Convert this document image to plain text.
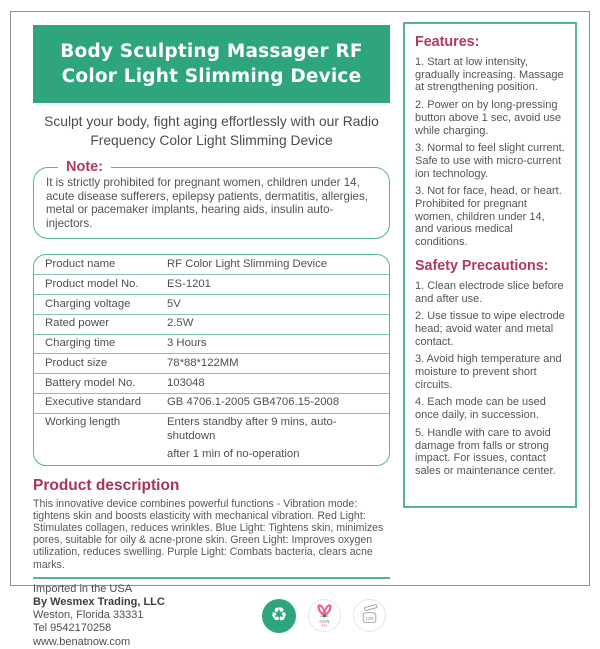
Body Sculpting Massager RF Color Light Slimming Device
Sculpt your body, fight aging effortlessly with our Radio Frequency Color Light Slimming Device
Note:
It is strictly prohibited for pregnant women, children under 14, acute disease sufferers, epilepsy patients, dermatitis, allergies, metal or pacemaker implants, hearing aids, insulin auto-injectors.
Product name	RF Color Light Slimming Device
Product model No.	ES-1201
Charging voltage	5V
Rated power	2.5W
Charging time	3 Hours
Product size	78*88*122MM
Battery model No.	103048
Executive standard	GB 4706.1-2005 GB4706.15-2008
Working length	Enters standby after 9 mins, auto-shutdown
after 1 min of no-operation
Product description
This innovative device combines powerful functions - Vibration mode: tightens skin and boosts elasticity with mechanical vibration. Red Light: Stimulates collagen, reduces wrinkles. Blue Light: Tightens skin, minimizes pores, suitable for oily & acne-prone skin. Green Light: Improves oxygen utilization, reduces swelling. Purple Light: Combats bacteria, clears acne marks.
Imported in the USA
By Wesmex Trading, LLC
Weston, Florida 33331
Tel 9542170258
www.benatnow.com
♻	cruelty
free
12M
Features:

1. Start at low intensity, gradually increasing. Massage at strengthening position.

2. Power on by long-pressing button above 1 sec, avoid use while charging.

3. Normal to feel slight current. Safe to use with micro-current ion technology.

3. Not for face, head, or heart. Prohibited for pregnant women, children under 14, and various medical conditions.

Safety Precautions:

1. Clean electrode slice before and after use.

2. Use tissue to wipe electrode head; avoid water and metal contact.

3. Avoid high temperature and moisture to prevent short circuits.

4. Each mode can be used once daily, in succession.

5. Handle with care to avoid damage from falls or strong impact. For issues, contact sales or maintenance center.
